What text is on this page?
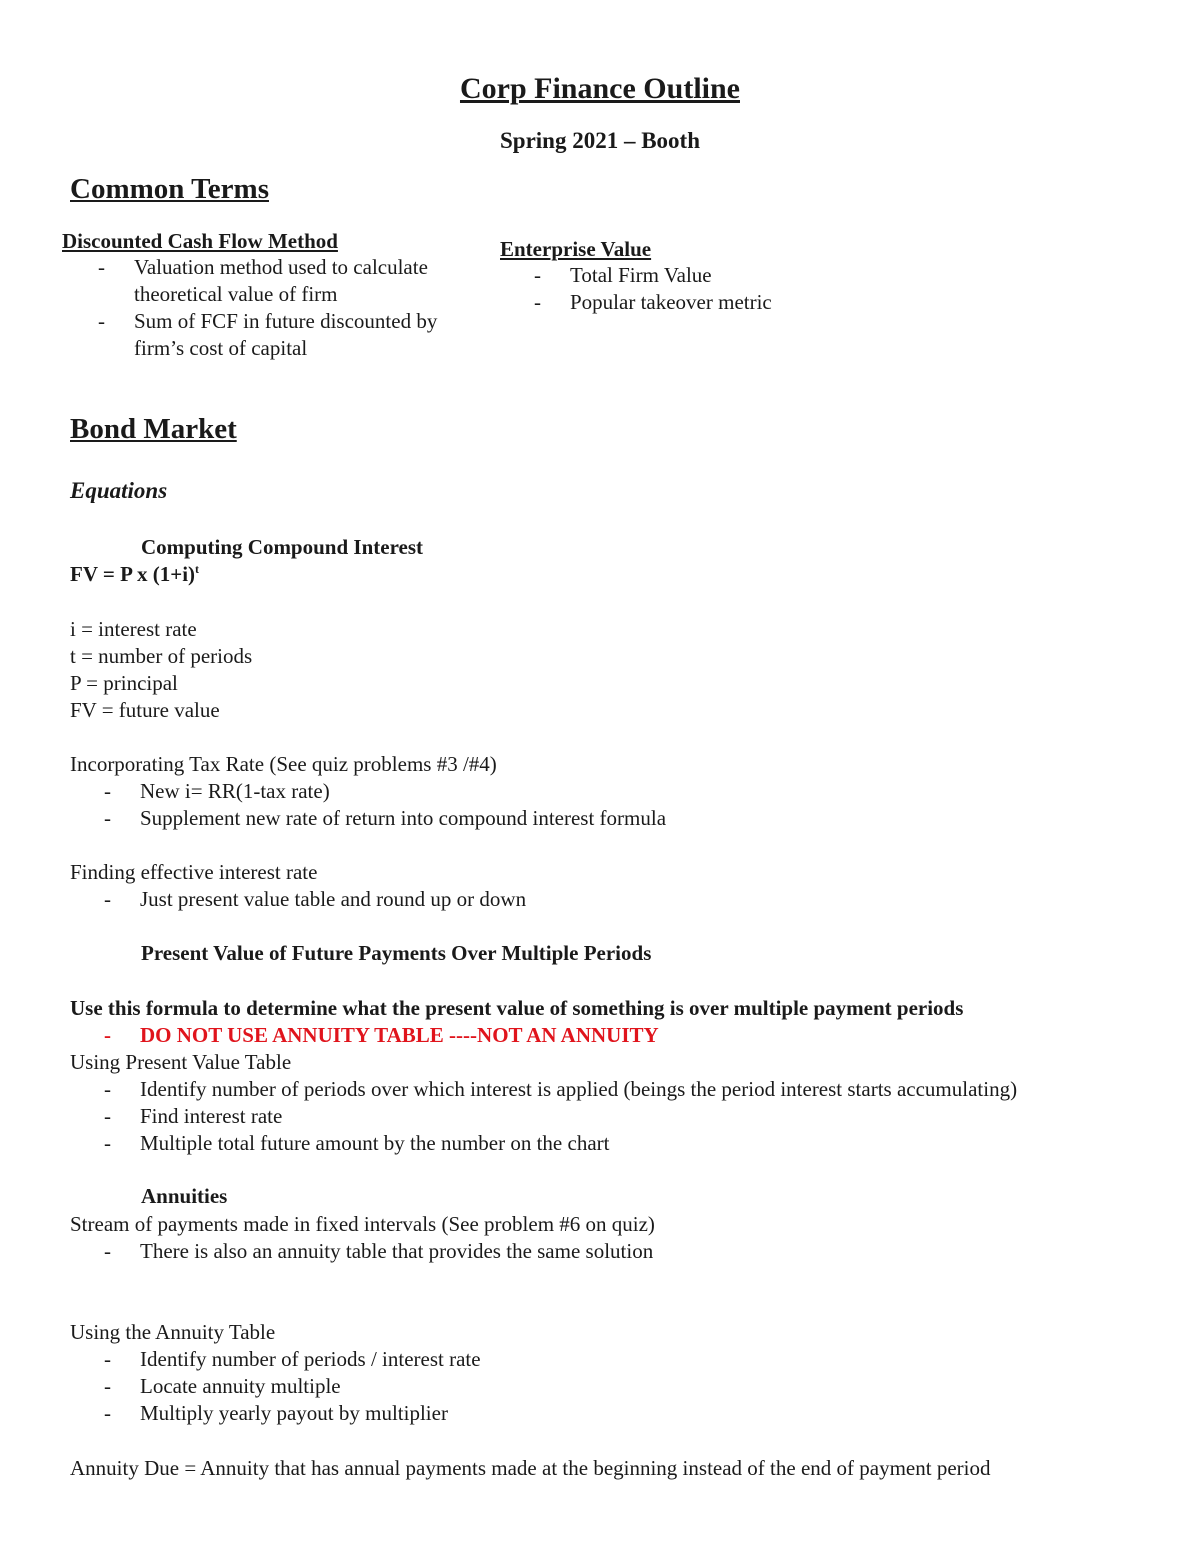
Corp Finance Outline
Spring 2021 – Booth
Common Terms
Discounted Cash Flow Method
- Valuation method used to calculate theoretical value of firm
- Sum of FCF in future discounted by firm’s cost of capital
Enterprise Value
- Total Firm Value
- Popular takeover metric
Bond Market
Equations
Computing Compound Interest
FV = P x $(1+i)^t$
i = interest rate
t = number of periods
P = principal
FV = future value
Incorporating Tax Rate (See quiz problems #3 /#4)
- New i= RR(1-tax rate)
- Supplement new rate of return into compound interest formula
Finding effective interest rate
- Just present value table and round up or down
Present Value of Future Payments Over Multiple Periods
Use this formula to determine what the present value of something is over multiple payment periods
- DO NOT USE ANNUITY TABLE ----NOT AN ANNUITY
Using Present Value Table
- Identify number of periods over which interest is applied (beings the period interest starts accumulating)
- Find interest rate
- Multiple total future amount by the number on the chart
Annuities
Stream of payments made in fixed intervals (See problem #6 on quiz)
- There is also an annuity table that provides the same solution
Using the Annuity Table
- Identify number of periods / interest rate
- Locate annuity multiple
- Multiply yearly payout by multiplier
Annuity Due = Annuity that has annual payments made at the beginning instead of the end of payment period
